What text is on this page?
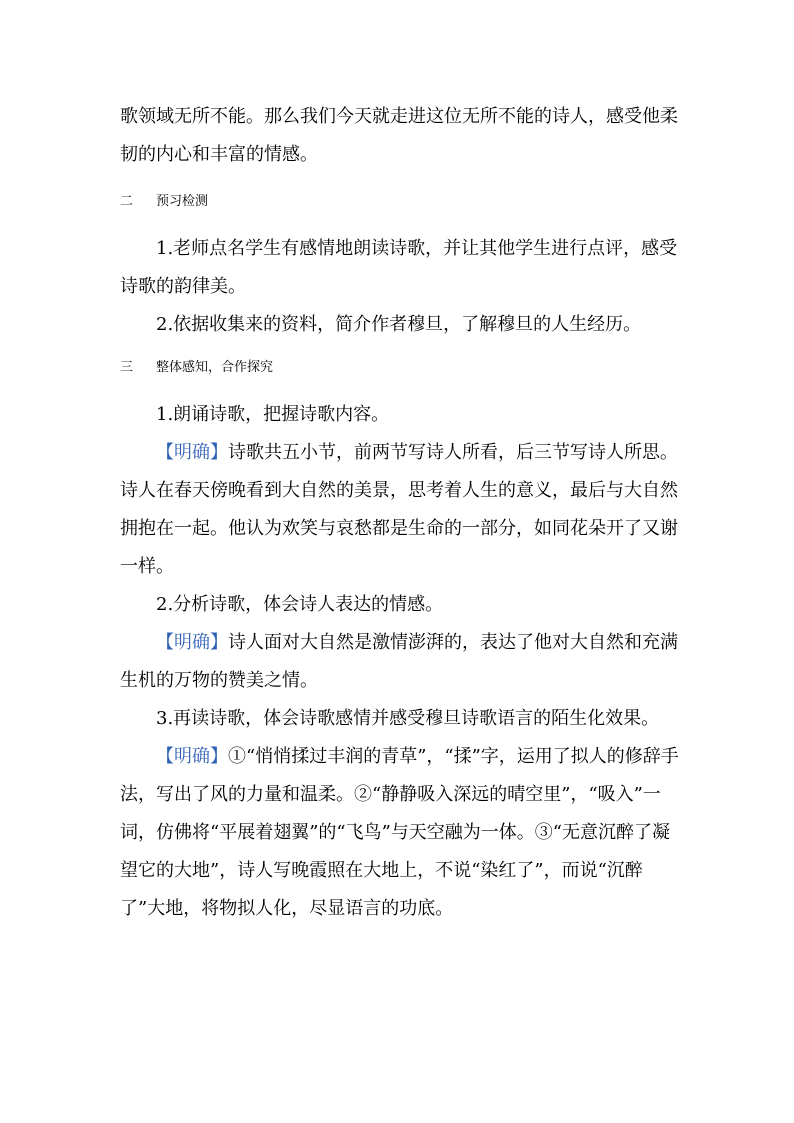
歌领域无所不能。那么我们今天就走进这位无所不能的诗人，感受他柔韧的内心和丰富的情感。

二 预习检测

1.老师点名学生有感情地朗读诗歌，并让其他学生进行点评，感受诗歌的韵律美。

2.依据收集来的资料，简介作者穆旦，了解穆旦的人生经历。

三 整体感知，合作探究

1.朗诵诗歌，把握诗歌内容。

【明确】诗歌共五小节，前两节写诗人所看，后三节写诗人所思。诗人在春天傍晚看到大自然的美景，思考着人生的意义，最后与大自然拥抱在一起。他认为欢笑与哀愁都是生命的一部分，如同花朵开了又谢一样。

2.分析诗歌，体会诗人表达的情感。

【明确】诗人面对大自然是激情澎湃的，表达了他对大自然和充满生机的万物的赞美之情。

3.再读诗歌，体会诗歌感情并感受穆旦诗歌语言的陌生化效果。

【明确】①“悄悄揉过丰润的青草”，“揉”字，运用了拟人的修辞手法，写出了风的力量和温柔。②“静静吸入深远的晴空里”，“吸入”一词，仿佛将“平展着翅翼”的“飞鸟”与天空融为一体。③“无意沉醉了凝望它的大地”，诗人写晚霞照在大地上，不说“染红了”，而说“沉醉了”大地，将物拟人化，尽显语言的功底。
